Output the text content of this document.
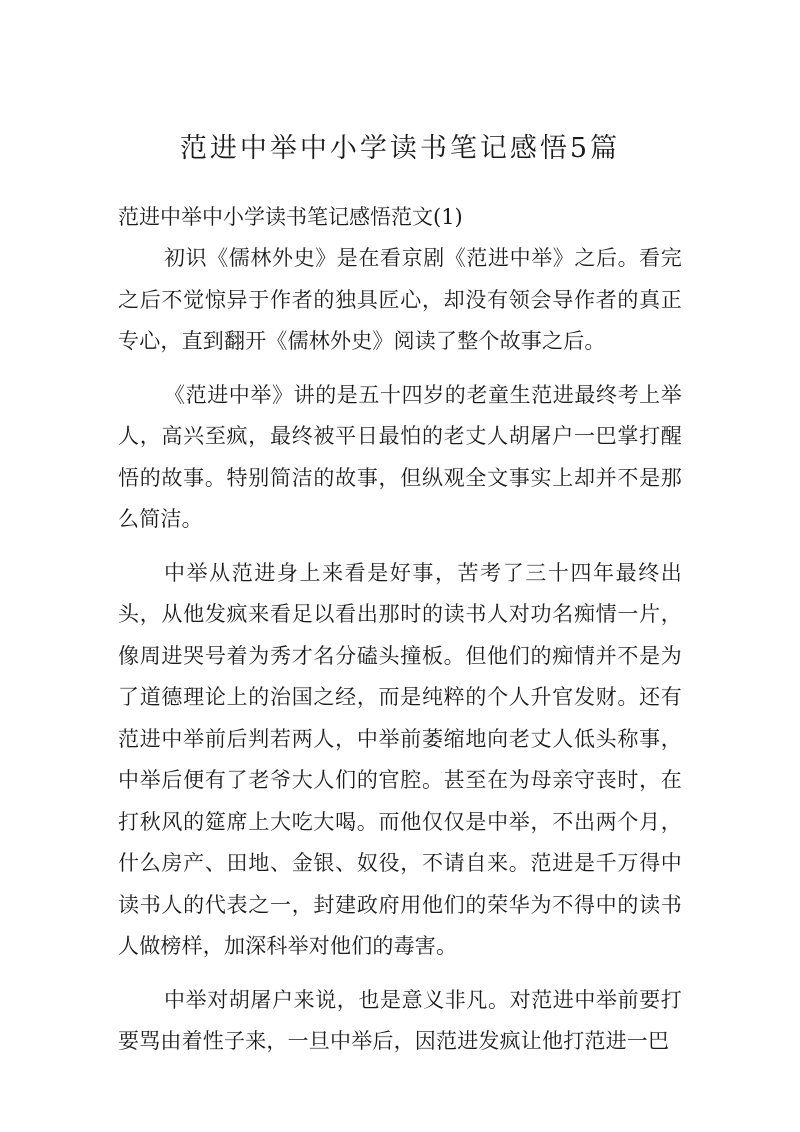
范进中举中小学读书笔记感悟5篇
范进中举中小学读书笔记感悟范文(1)

初识《儒林外史》是在看京剧《范进中举》之后。看完之后不觉惊异于作者的独具匠心，却没有领会导作者的真正专心，直到翻开《儒林外史》阅读了整个故事之后。

《范进中举》讲的是五十四岁的老童生范进最终考上举人，高兴至疯，最终被平日最怕的老丈人胡屠户一巴掌打醒悟的故事。特别简洁的故事，但纵观全文事实上却并不是那么简洁。

中举从范进身上来看是好事，苦考了三十四年最终出头，从他发疯来看足以看出那时的读书人对功名痴情一片，像周进哭号着为秀才名分磕头撞板。但他们的痴情并不是为了道德理论上的治国之经，而是纯粹的个人升官发财。还有范进中举前后判若两人，中举前萎缩地向老丈人低头称事，中举后便有了老爷大人们的官腔。甚至在为母亲守丧时，在打秋风的筵席上大吃大喝。而他仅仅是中举，不出两个月，什么房产、田地、金银、奴役，不请自来。范进是千万得中读书人的代表之一，封建政府用他们的荣华为不得中的读书人做榜样，加深科举对他们的毒害。

中举对胡屠户来说，也是意义非凡。对范进中举前要打要骂由着性子来，一旦中举后，因范进发疯让他打范进一巴
